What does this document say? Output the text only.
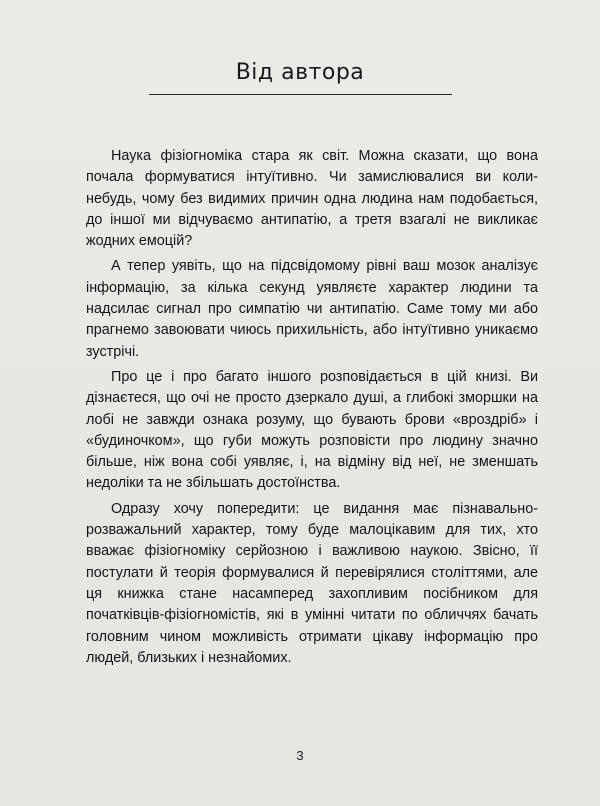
Від автора

Наука фізіогноміка стара як світ. Можна сказати, що вона почала формуватися інтуїтивно. Чи замислювалися ви коли-небудь, чому без видимих причин одна людина нам подобається, до іншої ми відчуваємо антипатію, а третя взагалі не викликає жодних емоцій?

А тепер уявіть, що на підсвідомому рівні ваш мозок аналізує інформацію, за кілька секунд уявляєте характер людини та надсилає сигнал про симпатію чи антипатію. Саме тому ми або прагнемо завоювати чиюсь прихильність, або інтуїтивно уникаємо зустрічі.

Про це і про багато іншого розповідається в цій книзі. Ви дізнаєтеся, що очі не просто дзеркало душі, а глибокі зморшки на лобі не завжди ознака розуму, що бувають брови «вроздріб» і «будиночком», що губи можуть розповісти про людину значно більше, ніж вона собі уявляє, і, на відміну від неї, не зменшать недоліки та не збільшать достоїнства.

Одразу хочу попередити: це видання має пізнавально-розважальний характер, тому буде малоцікавим для тих, хто вважає фізіогноміку серйозною і важливою наукою. Звісно, її постулати й теорія формувалися й перевірялися століттями, але ця книжка стане насамперед захопливим посібником для початківців-фізіогномістів, які в умінні читати по обличчях бачать головним чином можливість отримати цікаву інформацію про людей, близьких і незнайомих.

3
